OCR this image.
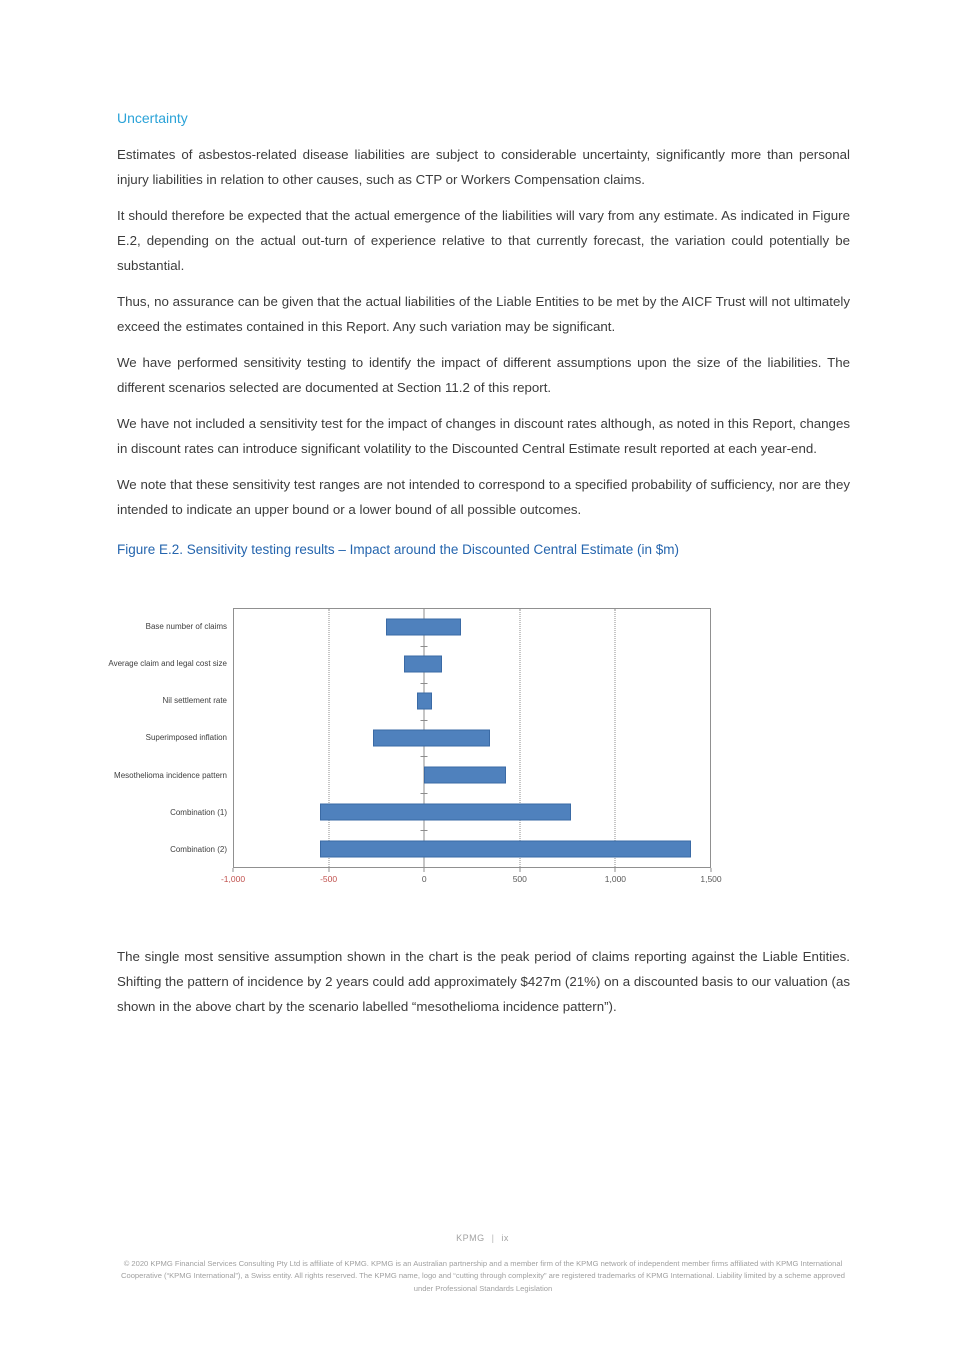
Uncertainty

Estimates of asbestos-related disease liabilities are subject to considerable uncertainty, significantly more than personal injury liabilities in relation to other causes, such as CTP or Workers Compensation claims.

It should therefore be expected that the actual emergence of the liabilities will vary from any estimate. As indicated in Figure E.2, depending on the actual out-turn of experience relative to that currently forecast, the variation could potentially be substantial.

Thus, no assurance can be given that the actual liabilities of the Liable Entities to be met by the AICF Trust will not ultimately exceed the estimates contained in this Report. Any such variation may be significant.

We have performed sensitivity testing to identify the impact of different assumptions upon the size of the liabilities. The different scenarios selected are documented at Section 11.2 of this report.

We have not included a sensitivity test for the impact of changes in discount rates although, as noted in this Report, changes in discount rates can introduce significant volatility to the Discounted Central Estimate result reported at each year-end.

We note that these sensitivity test ranges are not intended to correspond to a specified probability of sufficiency, nor are they intended to indicate an upper bound or a lower bound of all possible outcomes.

Figure E.2. Sensitivity testing results – Impact around the Discounted Central Estimate (in $m)

Base number of claims
Average claim and legal cost size
Nil settlement rate
Superimposed inflation
Mesothelioma incidence pattern
Combination (1)
Combination (2)
-1,000	-500	0	500	1,000	1,500

The single most sensitive assumption shown in the chart is the peak period of claims reporting against the Liable Entities. Shifting the pattern of incidence by 2 years could add approximately $427m (21%) on a discounted basis to our valuation (as shown in the above chart by the scenario labelled “mesothelioma incidence pattern”).

KPMG | ix
© 2020 KPMG Financial Services Consulting Pty Ltd is affiliate of KPMG. KPMG is an Australian partnership and a member firm of the KPMG network of independent member firms affiliated with KPMG International Cooperative (“KPMG International”), a Swiss entity. All rights reserved. The KPMG name, logo and “cutting through complexity” are registered trademarks of KPMG International. Liability limited by a scheme approved under Professional Standards Legislation
